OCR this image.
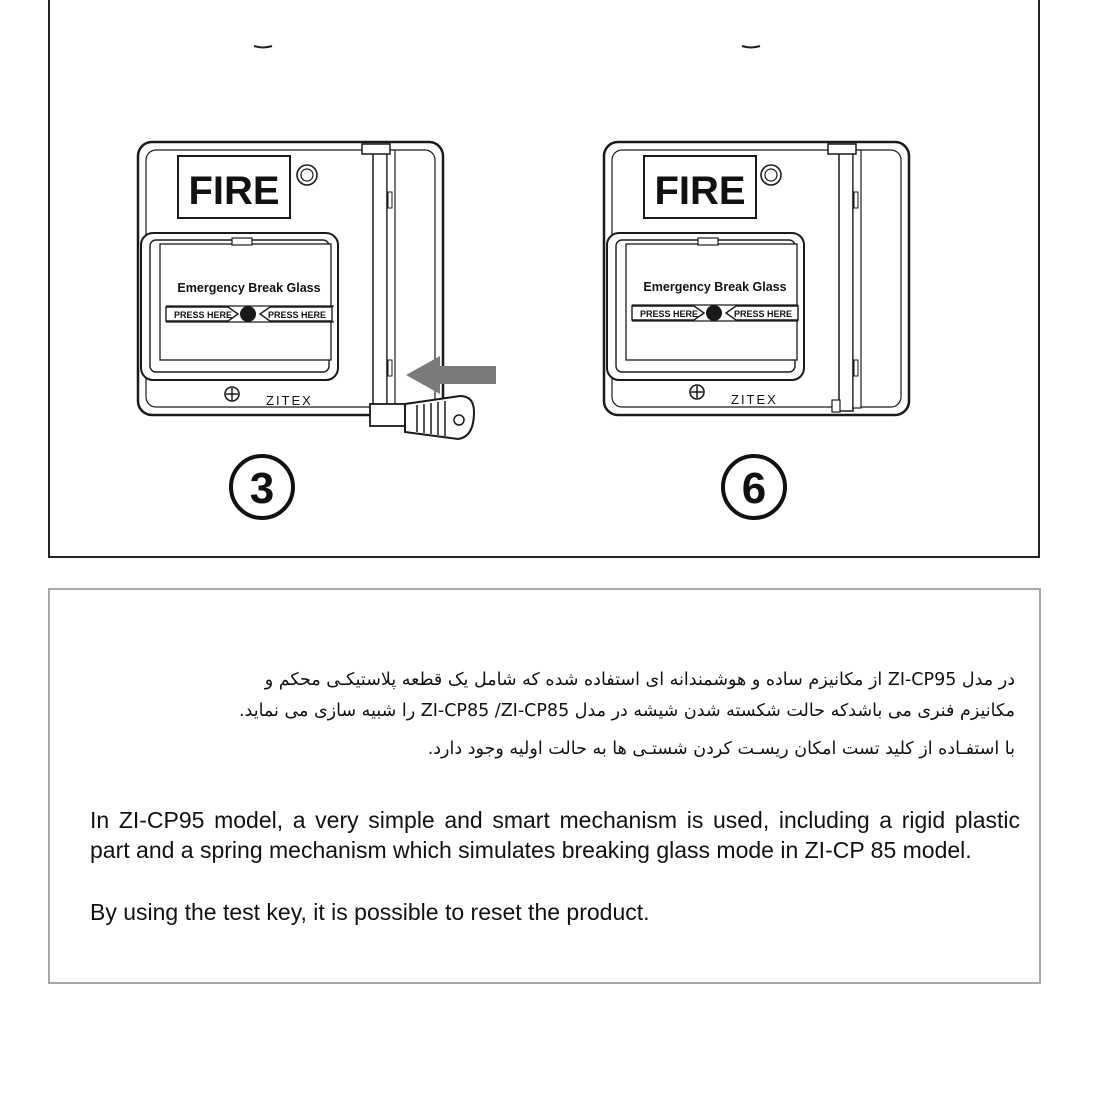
FIRE
Emergency Break Glass
PRESS HERE	PRESS HERE
ZITEX
FIRE
Emergency Break Glass
PRESS HERE	PRESS HERE
ZITEX
3	6
در مدل ZI-CP95 از مکانیزم ساده و هوشمندانه ای استفاده شده که شامل یک قطعه پلاستیکـی محکم و
مکانیزم فنری می باشدکه حالت شکسته شدن شیشه در مدل ZI-CP85 /ZI-CP85 را شبیه سازی می نماید.
با استفـاده از کلید تست امکان ریسـت کردن شستـی ها به حالت اولیه وجود دارد.
In ZI-CP95 model, a very simple and smart mechanism is used, including a rigid plastic part and a spring mechanism which simulates breaking glass mode in ZI-CP 85 model.
By using the test key, it is possible to reset the product.
